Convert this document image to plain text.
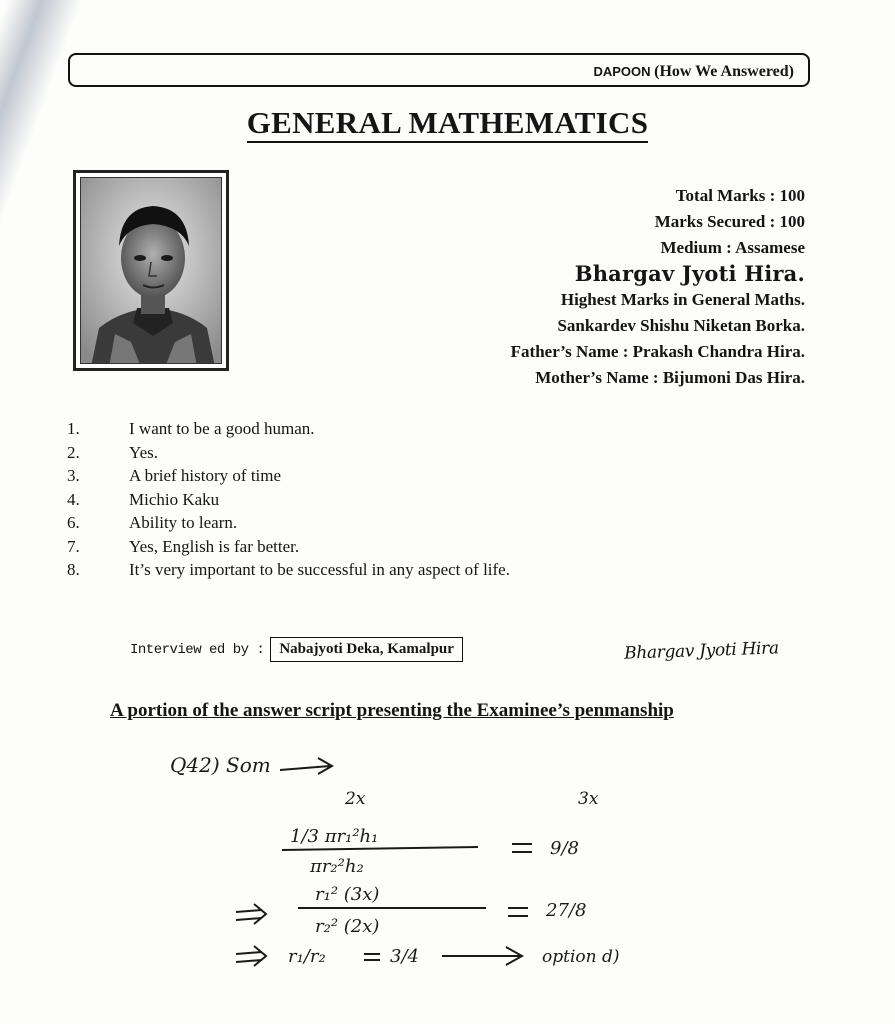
DAPOON (How We Answered)
GENERAL MATHEMATICS
Total Marks : 100
Marks Secured : 100
Medium : Assamese
Bhargav Jyoti Hira.
Highest Marks in General Maths.
Sankardev Shishu Niketan Borka.
Father’s Name : Prakash Chandra Hira.
Mother’s Name : Bijumoni Das Hira.
1.	I want to be a good human.
2.	Yes.
3.	A brief history of time
4.	Michio Kaku
6.	Ability to learn.
7.	Yes, English is far better.
8.	It’s very important to be successful in any aspect of life.
Interview ed by :	Nabajyoti Deka, Kamalpur	Bhargav Jyoti Hira
A portion of the answer script presenting the Examinee’s penmanship
Q42) Som
2x	3x
1/3 πr₁²h₁
πr₂²h₂
9/8
r₁² (3x)
r₂² (2x)
27/8
r₁/r₂	3/4	option d)
